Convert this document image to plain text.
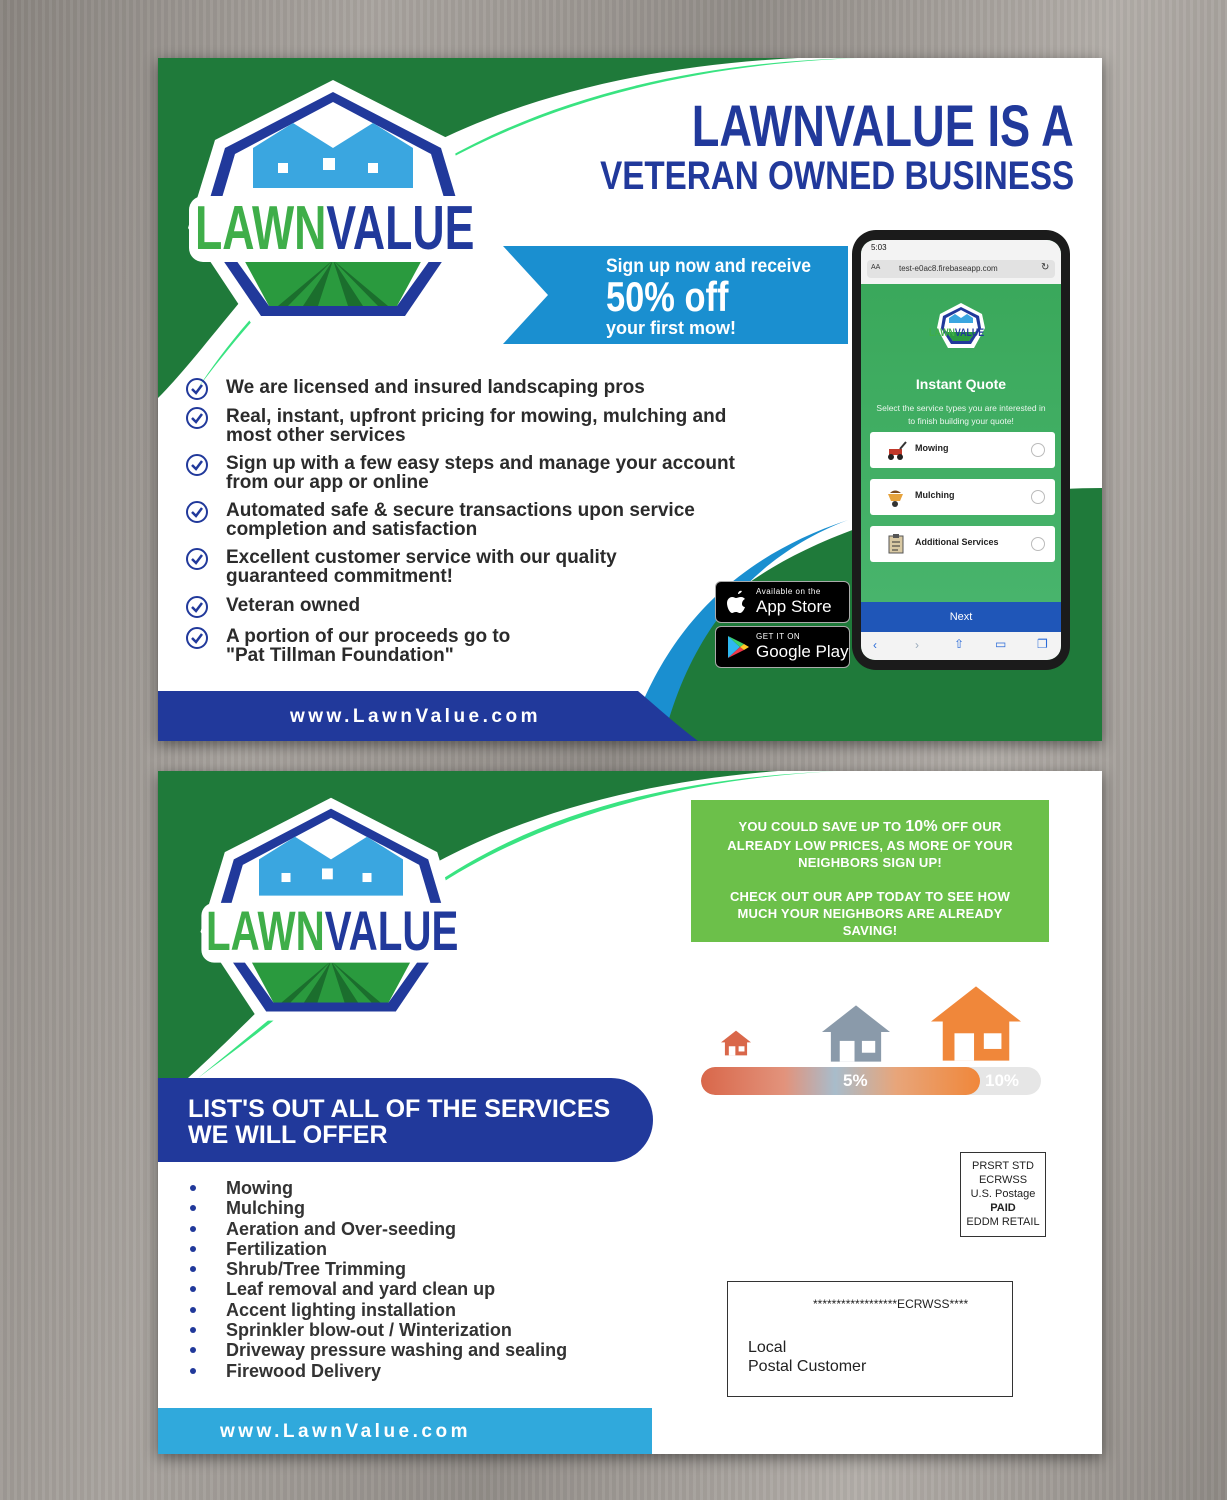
LAWNVALUE
LAWNVALUE IS A
VETERAN OWNED BUSINESS
Sign up now and receive
50% off
your first mow!
We are licensed and insured landscaping pros
Real, instant, upfront pricing for mowing, mulching and
most other services
Sign up with a few easy steps and manage your account
from our app or online
Automated safe & secure transactions upon service
completion and satisfaction
Excellent customer service with our quality
guaranteed commitment!
Veteran owned
A portion of our proceeds go to
"Pat Tillman Foundation"
www.LawnValue.com
Available on the
App Store
GET IT ON
Google Play
5:03
AA test-e0ac8.firebaseapp.com	↻
LAWNVALUE
Instant Quote
Select the service types you are interested in
to finish building your quote!
Mowing
Mulching
Additional Services
Next
‹	›	⇧	▭	❐
LAWNVALUE
LIST'S OUT ALL OF THE SERVICES
WE WILL OFFER
Mowing
Mulching
Aeration and Over-seeding
Fertilization
Shrub/Tree Trimming
Leaf removal and yard clean up
Accent lighting installation
Sprinkler blow-out / Winterization
Driveway pressure washing and sealing
Firewood Delivery
www.LawnValue.com
YOU COULD SAVE UP TO 10% OFF OUR
ALREADY LOW PRICES, AS MORE OF YOUR
NEIGHBORS SIGN UP!
CHECK OUT OUR APP TODAY TO SEE HOW
MUCH YOUR NEIGHBORS ARE ALREADY
SAVING!
5%	10%
PRSRT STD
ECRWSS
U.S. Postage
PAID
EDDM RETAIL
******************ECRWSS****
Local
Postal Customer
